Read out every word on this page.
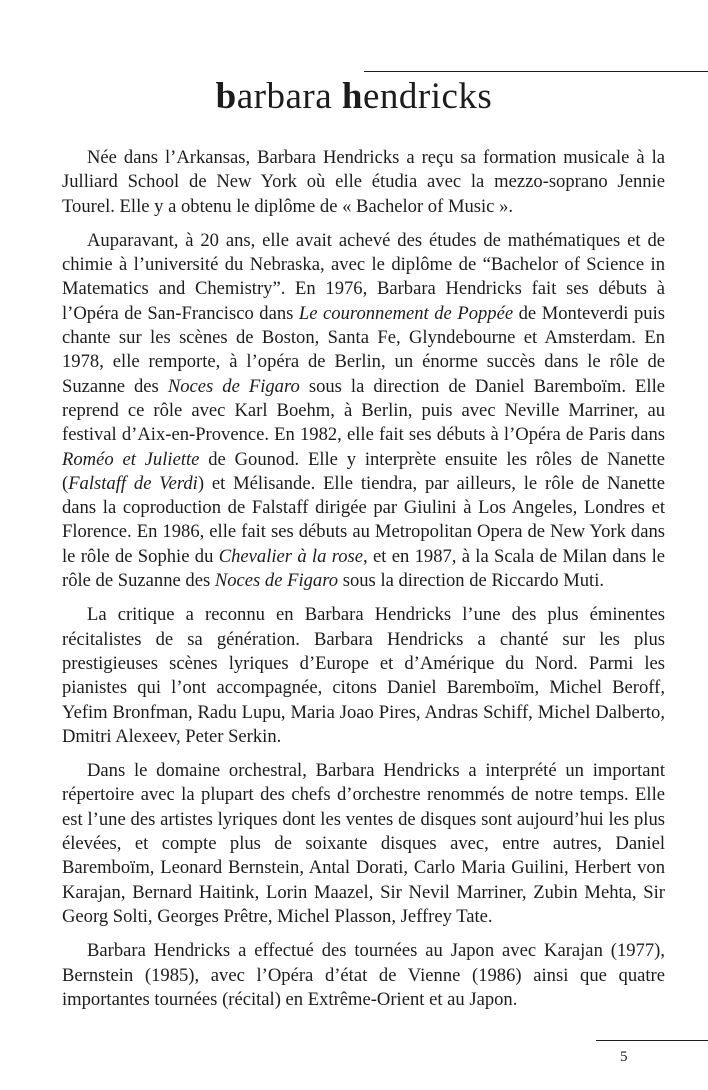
barbara hendricks

Née dans l’Arkansas, Barbara Hendricks a reçu sa formation musicale à la Julliard School de New York où elle étudia avec la mezzo-soprano Jennie Tourel. Elle y a obtenu le diplôme de « Bachelor of Music ».

Auparavant, à 20 ans, elle avait achevé des études de mathématiques et de chimie à l’université du Nebraska, avec le diplôme de “Bachelor of Science in Matematics and Chemistry”. En 1976, Barbara Hendricks fait ses débuts à l’Opéra de San-Francisco dans Le couronnement de Poppée de Monteverdi puis chante sur les scènes de Boston, Santa Fe, Glyndebourne et Amsterdam. En 1978, elle remporte, à l’opéra de Berlin, un énorme succès dans le rôle de Suzanne des Noces de Figaro sous la direction de Daniel Baremboïm. Elle reprend ce rôle avec Karl Boehm, à Berlin, puis avec Neville Marriner, au festival d’Aix-en-Provence. En 1982, elle fait ses débuts à l’Opéra de Paris dans Roméo et Juliette de Gounod. Elle y interprète ensuite les rôles de Nanette (Falstaff de Verdi) et Mélisande. Elle tiendra, par ailleurs, le rôle de Nanette dans la coproduction de Falstaff dirigée par Giulini à Los Angeles, Londres et Florence. En 1986, elle fait ses débuts au Metropolitan Opera de New York dans le rôle de Sophie du Chevalier à la rose, et en 1987, à la Scala de Milan dans le rôle de Suzanne des Noces de Figaro sous la direction de Riccardo Muti.

La critique a reconnu en Barbara Hendricks l’une des plus éminentes récitalistes de sa génération. Barbara Hendricks a chanté sur les plus prestigieuses scènes lyriques d’Europe et d’Amérique du Nord. Parmi les pianistes qui l’ont accompagnée, citons Daniel Baremboïm, Michel Beroff, Yefim Bronfman, Radu Lupu, Maria Joao Pires, Andras Schiff, Michel Dalberto, Dmitri Alexeev, Peter Serkin.

Dans le domaine orchestral, Barbara Hendricks a interprété un important répertoire avec la plupart des chefs d’orchestre renommés de notre temps. Elle est l’une des artistes lyriques dont les ventes de disques sont aujourd’hui les plus élevées, et compte plus de soixante disques avec, entre autres, Daniel Baremboïm, Leonard Bernstein, Antal Dorati, Carlo Maria Guilini, Herbert von Karajan, Bernard Haitink, Lorin Maazel, Sir Nevil Marriner, Zubin Mehta, Sir Georg Solti, Georges Prêtre, Michel Plasson, Jeffrey Tate.

Barbara Hendricks a effectué des tournées au Japon avec Karajan (1977), Bernstein (1985), avec l’Opéra d’état de Vienne (1986) ainsi que quatre importantes tournées (récital) en Extrême-Orient et au Japon.

5
